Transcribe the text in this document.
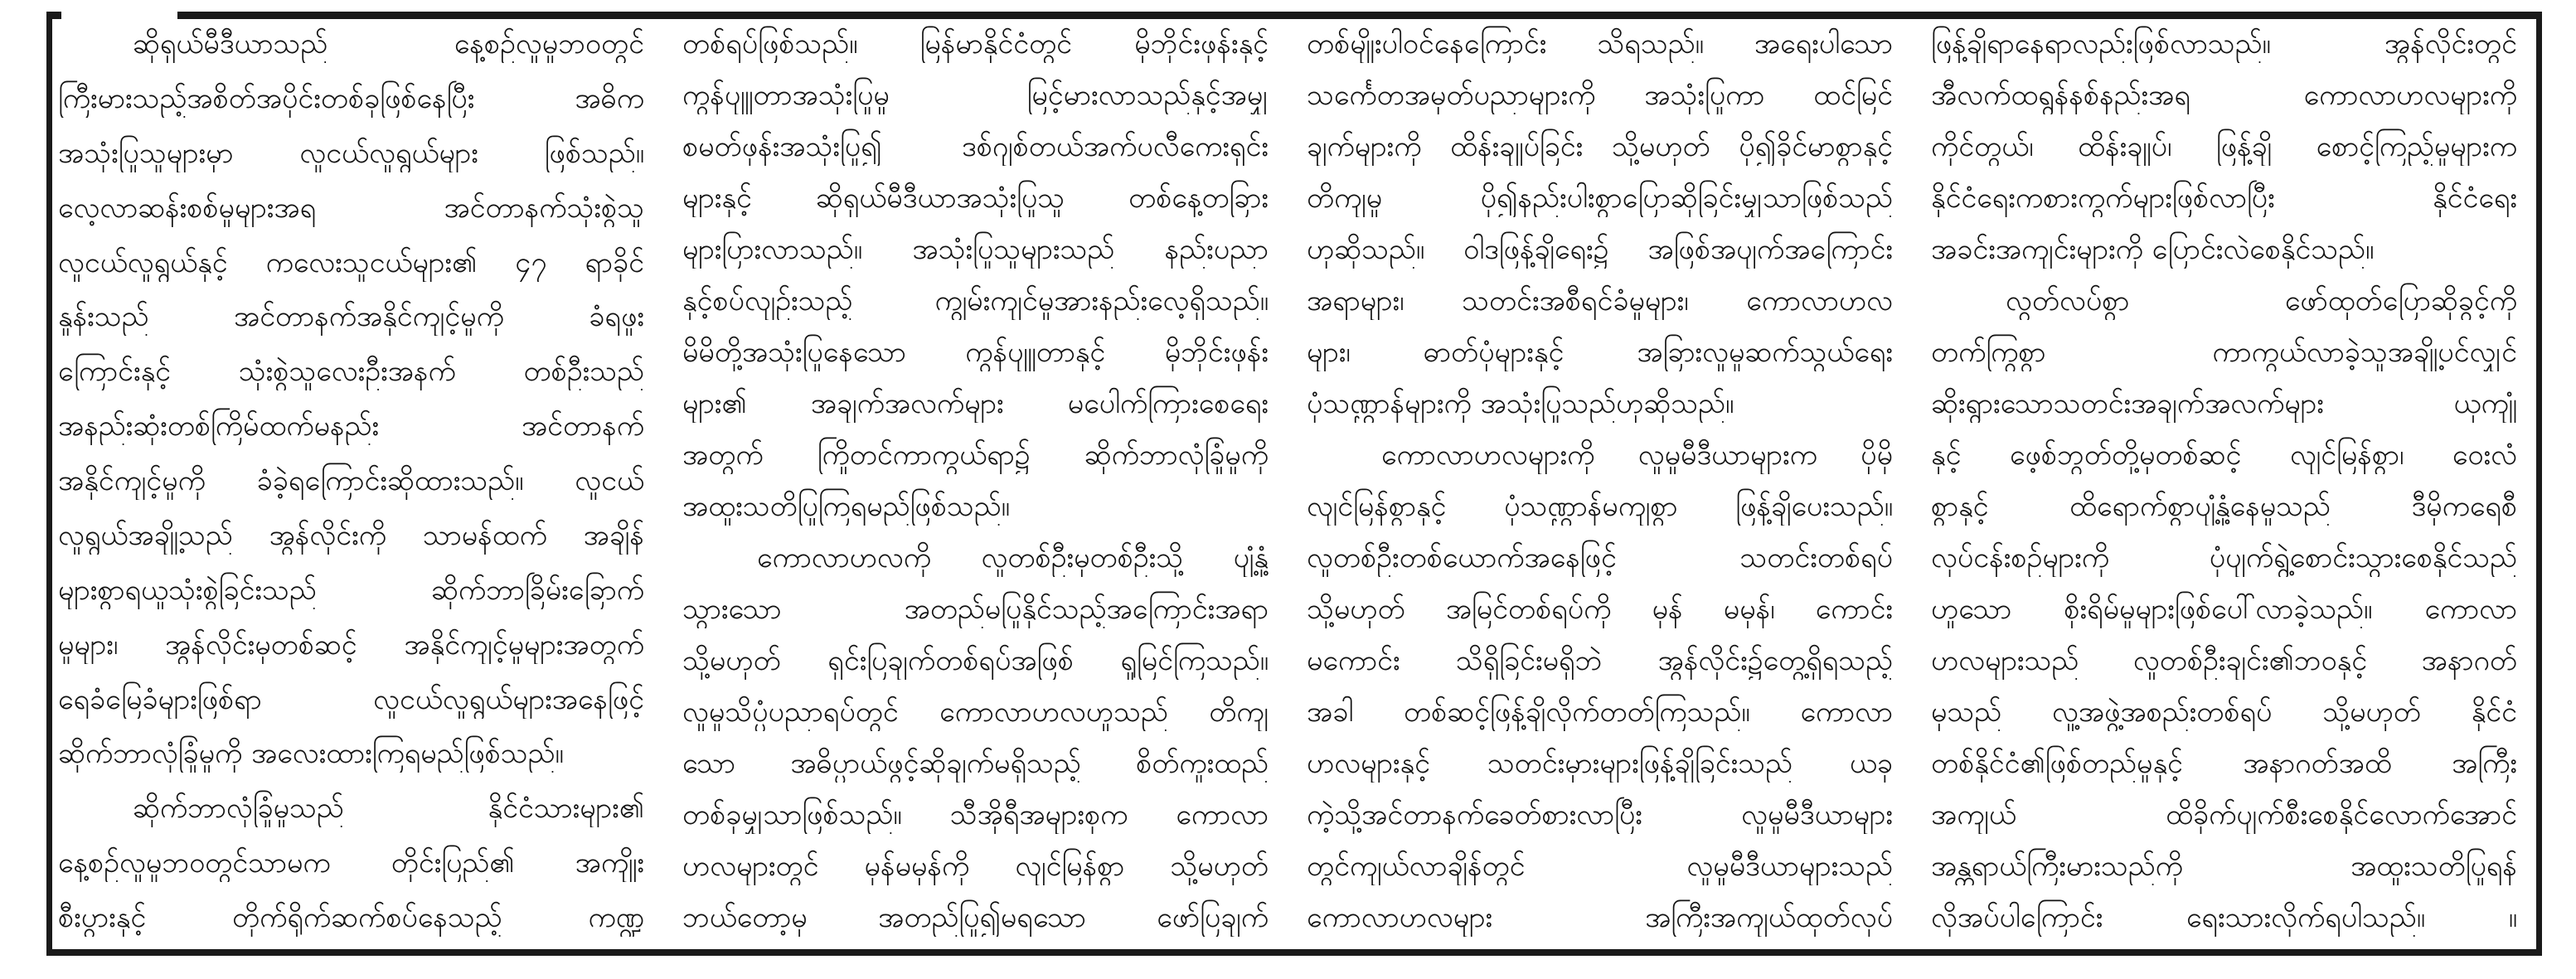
ဆိုရှယ်မီဒီယာသည် နေ့စဉ်လူမှုဘဝတွင်
ကြီးမားသည့်အစိတ်အပိုင်းတစ်ခုဖြစ်နေပြီး အဓိက
အသုံးပြုသူများမှာ လူငယ်လူရွယ်များ ဖြစ်သည်။
လေ့လာဆန်းစစ်မှုများအရ အင်တာနက်သုံးစွဲသူ
လူငယ်လူရွယ်နှင့် ကလေးသူငယ်များ၏ ၄၇ ရာခိုင်
နှုန်းသည် အင်တာနက်အနိုင်ကျင့်မှုကို ခံရဖူး
ကြောင်းနှင့် သုံးစွဲသူလေးဦးအနက် တစ်ဦးသည်
အနည်းဆုံးတစ်ကြိမ်ထက်မနည်း အင်တာနက်
အနိုင်ကျင့်မှုကို ခံခဲ့ရကြောင်းဆိုထားသည်။ လူငယ်
လူရွယ်အချို့သည် အွန်လိုင်းကို သာမန်ထက် အချိန်
များစွာရယူသုံးစွဲခြင်းသည် ဆိုက်ဘာခြိမ်းခြောက်
မှုများ၊ အွန်လိုင်းမှတစ်ဆင့် အနိုင်ကျင့်မှုများအတွက်
ရေခံမြေခံများဖြစ်ရာ လူငယ်လူရွယ်များအနေဖြင့်
ဆိုက်ဘာလုံခြုံမှုကို အလေးထားကြရမည်ဖြစ်သည်။
ဆိုက်ဘာလုံခြုံမှုသည် နိုင်ငံသားများ၏
နေ့စဉ်လူမှုဘဝတွင်သာမက တိုင်းပြည်၏ အကျိုး
စီးပွားနှင့် တိုက်ရိုက်ဆက်စပ်နေသည့် ကဏ္ဍ
တစ်ရပ်ဖြစ်သည်။ မြန်မာနိုင်ငံတွင် မိုဘိုင်းဖုန်းနှင့်
ကွန်ပျူတာအသုံးပြုမှု မြင့်မားလာသည်နှင့်အမျှ
စမတ်ဖုန်းအသုံးပြု၍ ဒစ်ဂျစ်တယ်အက်ပလီကေးရှင်း
များနှင့် ဆိုရှယ်မီဒီယာအသုံးပြုသူ တစ်နေ့တခြား
များပြားလာသည်။ အသုံးပြုသူများသည် နည်းပညာ
နှင့်စပ်လျဉ်းသည့် ကျွမ်းကျင်မှုအားနည်းလေ့ရှိသည်။
မိမိတို့အသုံးပြုနေသော ကွန်ပျူတာနှင့် မိုဘိုင်းဖုန်း
များ၏ အချက်အလက်များ မပေါက်ကြားစေရေး
အတွက် ကြိုတင်ကာကွယ်ရာ၌ ဆိုက်ဘာလုံခြုံမှုကို
အထူးသတိပြုကြရမည်ဖြစ်သည်။
ကောလာဟလကို လူတစ်ဦးမှတစ်ဦးသို့ ပျံ့နှံ့
သွားသော အတည်မပြုနိုင်သည့်အကြောင်းအရာ
သို့မဟုတ် ရှင်းပြချက်တစ်ရပ်အဖြစ် ရှုမြင်ကြသည်။
လူမှုသိပ္ပံပညာရပ်တွင် ကောလာဟလဟူသည် တိကျ
သော အဓိပ္ပာယ်ဖွင့်ဆိုချက်မရှိသည့် စိတ်ကူးထည်
တစ်ခုမျှသာဖြစ်သည်။ သီအိုရီအများစုက ကောလာ
ဟလများတွင် မှန်မမှန်ကို လျင်မြန်စွာ သို့မဟုတ်
ဘယ်တော့မှ အတည်ပြု၍မရသော ဖော်ပြချက်
တစ်မျိုးပါဝင်နေကြောင်း သိရသည်။ အရေးပါသော
သင်္ကေတအမှတ်ပညာများကို အသုံးပြုကာ ထင်မြင်
ချက်များကို ထိန်းချုပ်ခြင်း သို့မဟုတ် ပို၍ခိုင်မာစွာနှင့်
တိကျမှု ပို၍နည်းပါးစွာပြောဆိုခြင်းမျှသာဖြစ်သည်
ဟုဆိုသည်။ ဝါဒဖြန့်ချိရေး၌ အဖြစ်အပျက်အကြောင်း
အရာများ၊ သတင်းအစီရင်ခံမှုများ၊ ကောလာဟလ
များ၊ ဓာတ်ပုံများနှင့် အခြားလူမှုဆက်သွယ်ရေး
ပုံသဏ္ဌာန်များကို အသုံးပြုသည်ဟုဆိုသည်။
ကောလာဟလများကို လူမှုမီဒီယာများက ပိုမို
လျင်မြန်စွာနှင့် ပုံသဏ္ဌာန်မကျစွာ ဖြန့်ချိပေးသည်။
လူတစ်ဦးတစ်ယောက်အနေဖြင့် သတင်းတစ်ရပ်
သို့မဟုတ် အမြင်တစ်ရပ်ကို မှန် မမှန်၊ ကောင်း
မကောင်း သိရှိခြင်းမရှိဘဲ အွန်လိုင်း၌တွေ့ရှိရသည့်
အခါ တစ်ဆင့်ဖြန့်ချိလိုက်တတ်ကြသည်။ ကောလာ
ဟလများနှင့် သတင်းမှားများဖြန့်ချိခြင်းသည် ယခု
ကဲ့သို့အင်တာနက်ခေတ်စားလာပြီး လူမှုမီဒီယာများ
တွင်ကျယ်လာချိန်တွင် လူမှုမီဒီယာများသည်
ကောလာဟလများ အကြီးအကျယ်ထုတ်လုပ်
ဖြန့်ချိရာနေရာလည်းဖြစ်လာသည်။ အွန်လိုင်းတွင်
အီလက်ထရွန်နစ်နည်းအရ ကောလာဟလများကို
ကိုင်တွယ်၊ ထိန်းချုပ်၊ ဖြန့်ချိ စောင့်ကြည့်မှုများက
နိုင်ငံရေးကစားကွက်များဖြစ်လာပြီး နိုင်ငံရေး
အခင်းအကျင်းများကို ပြောင်းလဲစေနိုင်သည်။
လွတ်လပ်စွာ ဖော်ထုတ်ပြောဆိုခွင့်ကို
တက်ကြွစွာ ကာကွယ်လာခဲ့သူအချို့ပင်လျှင်
ဆိုးရွားသောသတင်းအချက်အလက်များ ယုကျုံ
နှင့် ဖေ့စ်ဘွတ်တို့မှတစ်ဆင့် လျင်မြန်စွာ၊ ဝေးလံ
စွာနှင့် ထိရောက်စွာပျံ့နှံ့နေမှုသည် ဒီမိုကရေစီ
လုပ်ငန်းစဉ်များကို ပုံပျက်ရွဲ့စောင်းသွားစေနိုင်သည်
ဟူသော စိုးရိမ်မှုများဖြစ်ပေါ်လာခဲ့သည်။ ကောလာ
ဟလများသည် လူတစ်ဦးချင်း၏ဘဝနှင့် အနာဂတ်
မှသည် လူ့အဖွဲ့အစည်းတစ်ရပ် သို့မဟုတ် နိုင်ငံ
တစ်နိုင်ငံ၏ဖြစ်တည်မှုနှင့် အနာဂတ်အထိ အကြီး
အကျယ် ထိခိုက်ပျက်စီးစေနိုင်လောက်အောင်
အန္တရာယ်ကြီးမားသည်ကို အထူးသတိပြုရန်
လိုအပ်ပါကြောင်း ရေးသားလိုက်ရပါသည်။ ။
